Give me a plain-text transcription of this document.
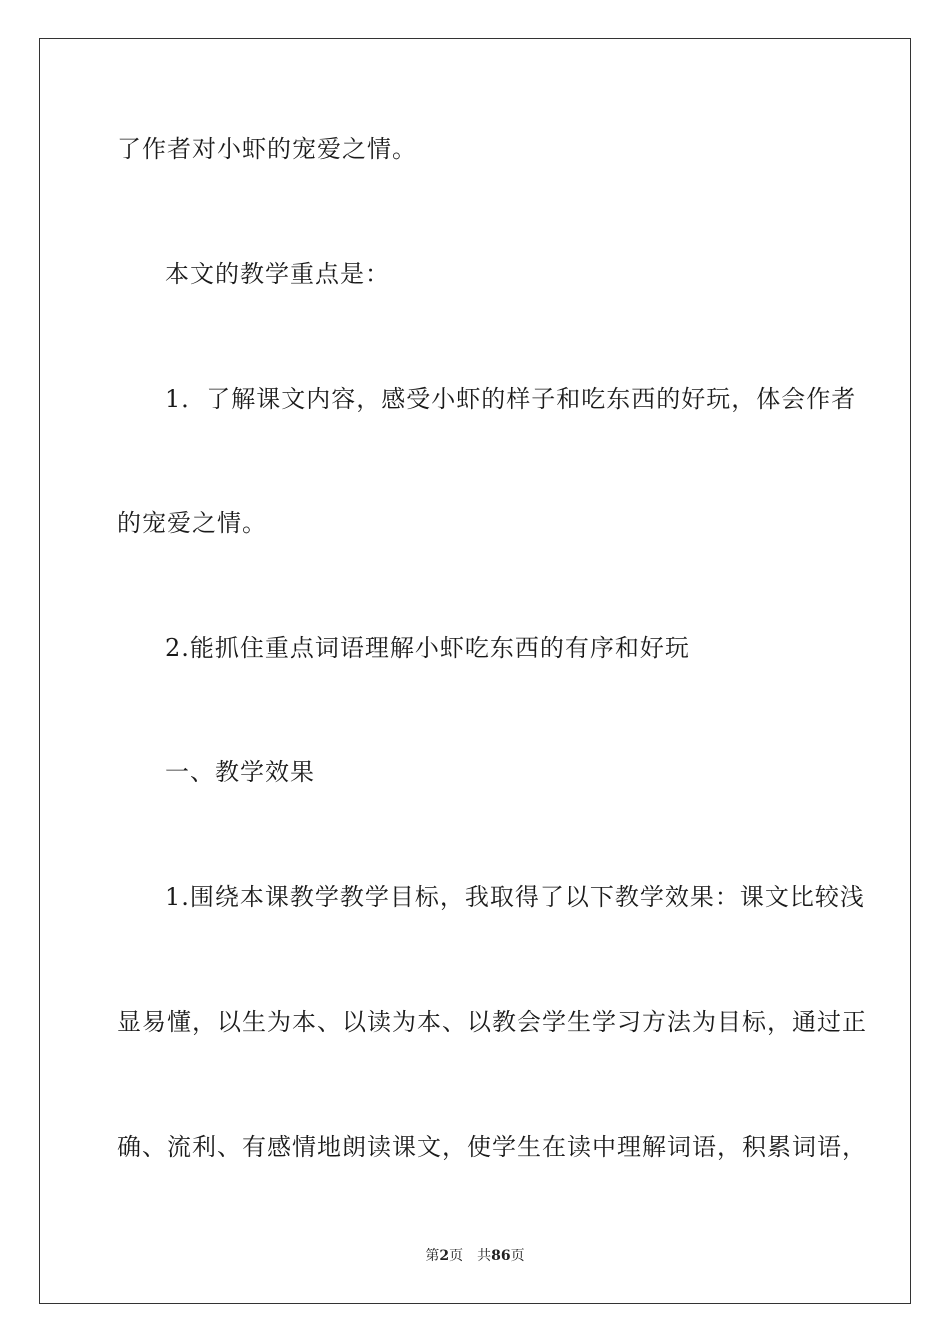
了作者对小虾的宠爱之情。
本文的教学重点是：
1．了解课文内容，感受小虾的样子和吃东西的好玩，体会作者
的宠爱之情。
2.能抓住重点词语理解小虾吃东西的有序和好玩
一、教学效果
1.围绕本课教学教学目标，我取得了以下教学效果：课文比较浅
显易懂，以生为本、以读为本、以教会学生学习方法为目标，通过正
确、流利、有感情地朗读课文，使学生在读中理解词语，积累词语，
第2页 共86页
